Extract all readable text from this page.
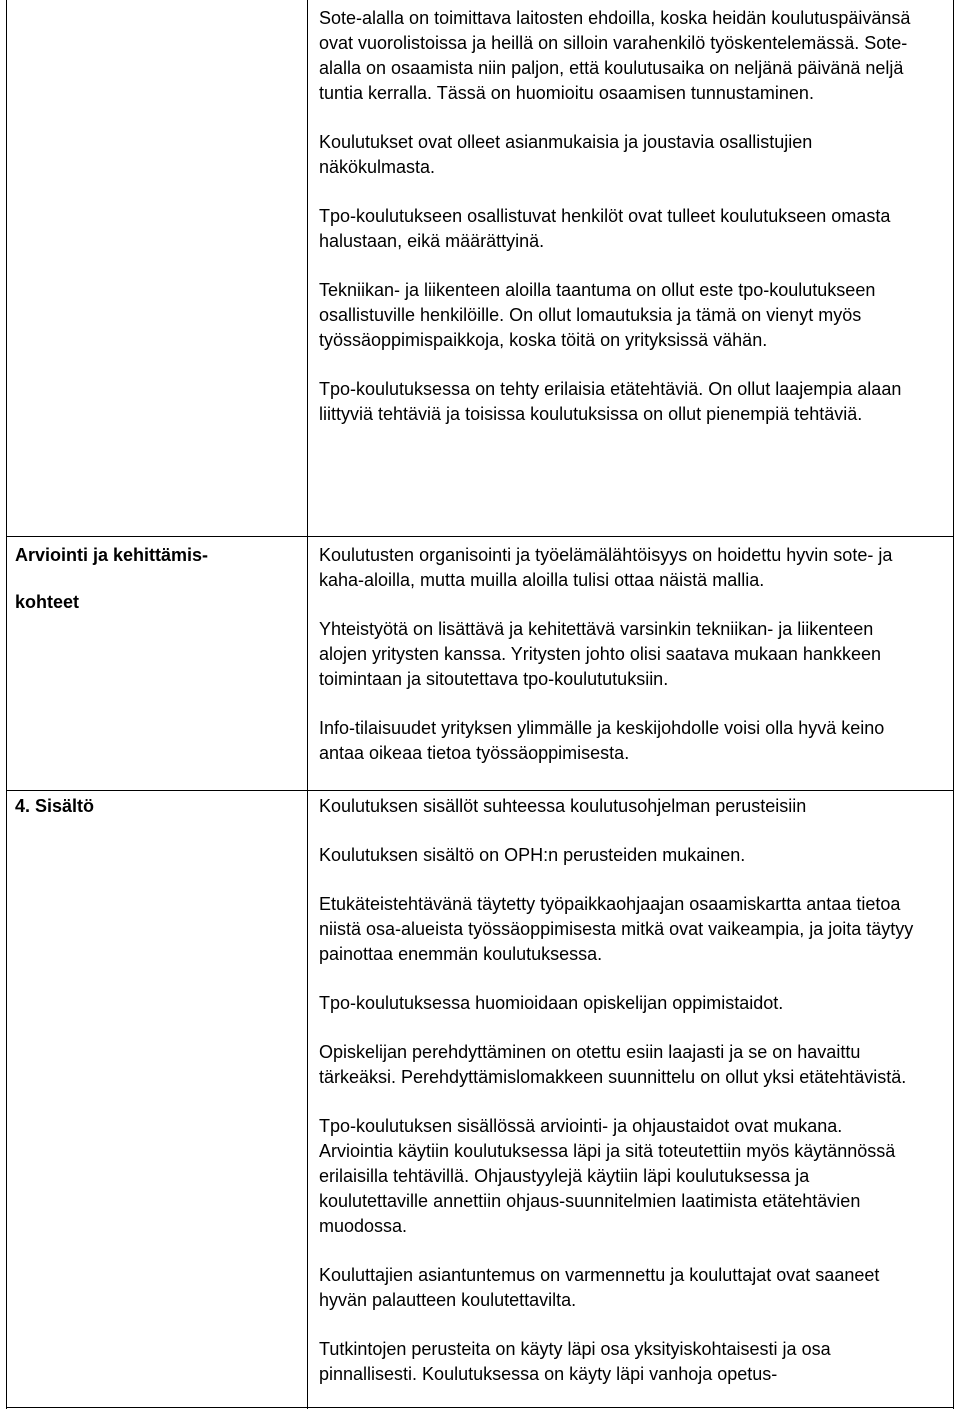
Sote-alalla on toimittava laitosten ehdoilla, koska heidän koulutuspäivänsä ovat vuorolistoissa ja heillä on silloin varahenkilö työskentelemässä. Sote-alalla on osaamista niin paljon, että koulutusaika on neljänä päivänä neljä tuntia kerralla. Tässä on huomioitu osaamisen tunnustaminen.

Koulutukset ovat olleet asianmukaisia ja joustavia osallistujien näkökulmasta.

Tpo-koulutukseen osallistuvat henkilöt ovat tulleet koulutukseen omasta halustaan, eikä määrättyinä.

Tekniikan- ja liikenteen aloilla taantuma on ollut este tpo-koulutukseen osallistuville henkilöille. On ollut lomautuksia ja tämä on vienyt myös työssäoppimispaikkoja, koska töitä on yrityksissä vähän.

Tpo-koulutuksessa on tehty erilaisia etätehtäviä. On ollut laajempia alaan liittyviä tehtäviä ja toisissa koulutuksissa on ollut pienempiä tehtäviä.

Arviointi ja kehittämis-
kohteet

Koulutusten organisointi ja työelämälähtöisyys on hoidettu hyvin sote- ja kaha-aloilla, mutta muilla aloilla tulisi ottaa näistä mallia.

Yhteistyötä on lisättävä ja kehitettävä varsinkin tekniikan- ja liikenteen alojen yritysten kanssa. Yritysten johto olisi saatava mukaan hankkeen toimintaan ja sitoutettava tpo-koulututuksiin.

Info-tilaisuudet yrityksen ylimmälle ja keskijohdolle voisi olla hyvä keino antaa oikeaa tietoa työssäoppimisesta.

4. Sisältö	Koulutuksen sisällöt suhteessa koulutusohjelman perusteisiin

Koulutuksen sisältö on OPH:n perusteiden mukainen.

Etukäteistehtävänä täytetty työpaikkaohjaajan osaamiskartta antaa tietoa niistä osa-alueista työssäoppimisesta mitkä ovat vaikeampia, ja joita täytyy painottaa enemmän koulutuksessa.

Tpo-koulutuksessa huomioidaan opiskelijan oppimistaidot.

Opiskelijan perehdyttäminen on otettu esiin laajasti ja se on havaittu tärkeäksi. Perehdyttämislomakkeen suunnittelu on ollut yksi etätehtävistä.

Tpo-koulutuksen sisällössä arviointi- ja ohjaustaidot ovat mukana. Arviointia käytiin koulutuksessa läpi ja sitä toteutettiin myös käytännössä erilaisilla tehtävillä. Ohjaustyylejä käytiin läpi koulutuksessa ja koulutettaville annettiin ohjaus-suunnitelmien laatimista etätehtävien muodossa.

Kouluttajien asiantuntemus on varmennettu ja kouluttajat ovat saaneet hyvän palautteen koulutettavilta.

Tutkintojen perusteita on käyty läpi osa yksityiskohtaisesti ja osa pinnallisesti. Koulutuksessa on käyty läpi vanhoja opetus-
